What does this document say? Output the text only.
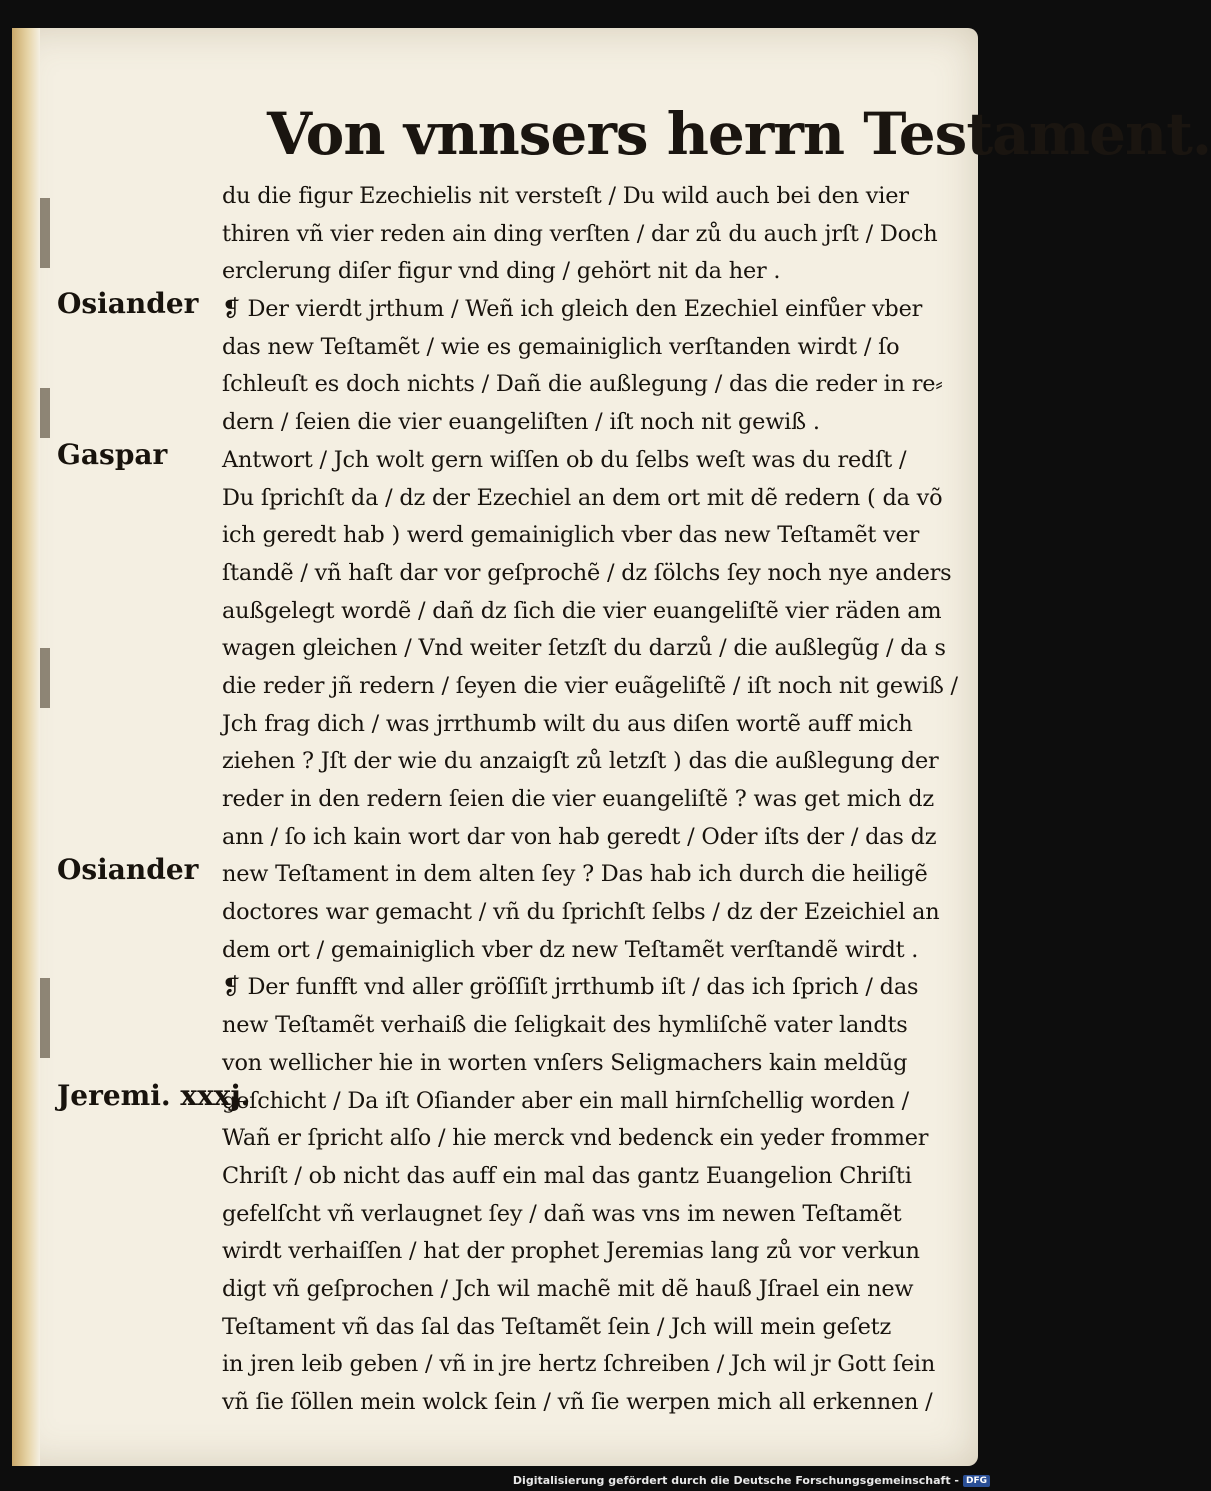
Von vnnsers herrn Testament.
du die figur Ezechielis nit versteſt / Du wild auch bei den vier
thiren vñ vier reden ain ding verſten / dar zů du auch jrſt / Doch
erclerung diſer figur vnd ding / gehört nit da her .
❡ Der vierdt jrthum / Weñ ich gleich den Ezechiel einfůer vber
das new Teſtamẽt / wie es gemainiglich verſtanden wirdt / ſo
ſchleuſt es doch nichts / Dañ die außlegung / das die reder in re⸗
dern / ſeien die vier euangeliſten / iſt noch nit gewiß .
Antwort / Jch wolt gern wiſſen ob du ſelbs weſt was du redſt /
Du ſprichſt da / dz der Ezechiel an dem ort mit dẽ redern ( da võ
ich geredt hab ) werd gemainiglich vber das new Teſtamẽt ver
ſtandẽ / vñ haſt dar vor geſprochẽ / dz ſölchs ſey noch nye anders
außgelegt wordẽ / dañ dz ſich die vier euangeliſtẽ vier räden am
wagen gleichen / Vnd weiter ſetzſt du darzů / die außlegũg / da s
die reder jñ redern / ſeyen die vier euãgeliſtẽ / iſt noch nit gewiß /
Jch frag dich / was jrrthumb wilt du aus diſen wortẽ auff mich
ziehen ? Jſt der wie du anzaigſt zů letzſt ) das die außlegung der
reder in den redern ſeien die vier euangeliſtẽ ? was get mich dz
ann / ſo ich kain wort dar von hab geredt / Oder iſts der / das dz
new Teſtament in dem alten ſey ? Das hab ich durch die heiligẽ
doctores war gemacht / vñ du ſprichſt ſelbs / dz der Ezeichiel an
dem ort / gemainiglich vber dz new Teſtamẽt verſtandẽ wirdt .
❡ Der funfft vnd aller gröſſiſt jrrthumb iſt / das ich ſprich / das
new Teſtamẽt verhaiß die ſeligkait des hymliſchẽ vater landts
von wellicher hie in worten vnſers Seligmachers kain meldũg
geſchicht / Da iſt Oſiander aber ein mall hirnſchellig worden /
Wañ er ſpricht alſo / hie merck vnd bedenck ein yeder frommer
Chriſt / ob nicht das auff ein mal das gantz Euangelion Chriſti
gefelſcht vñ verlaugnet ſey / dañ was vns im newen Teſtamẽt
wirdt verhaiſſen / hat der prophet Jeremias lang zů vor verkun
digt vñ geſprochen / Jch wil machẽ mit dẽ hauß Jſrael ein new
Teſtament vñ das ſal das Teſtamẽt ſein / Jch will mein geſetz
in jren leib geben / vñ in jre hertz ſchreiben / Jch wil jr Gott ſein
vñ ſie ſöllen mein wolck ſein / vñ ſie werpen mich all erkennen /
Osiander
Gaspar
Osiander
Jeremi. xxxj.
Digitalisierung gefördert durch die Deutsche Forschungsgemeinschaft - DFG
